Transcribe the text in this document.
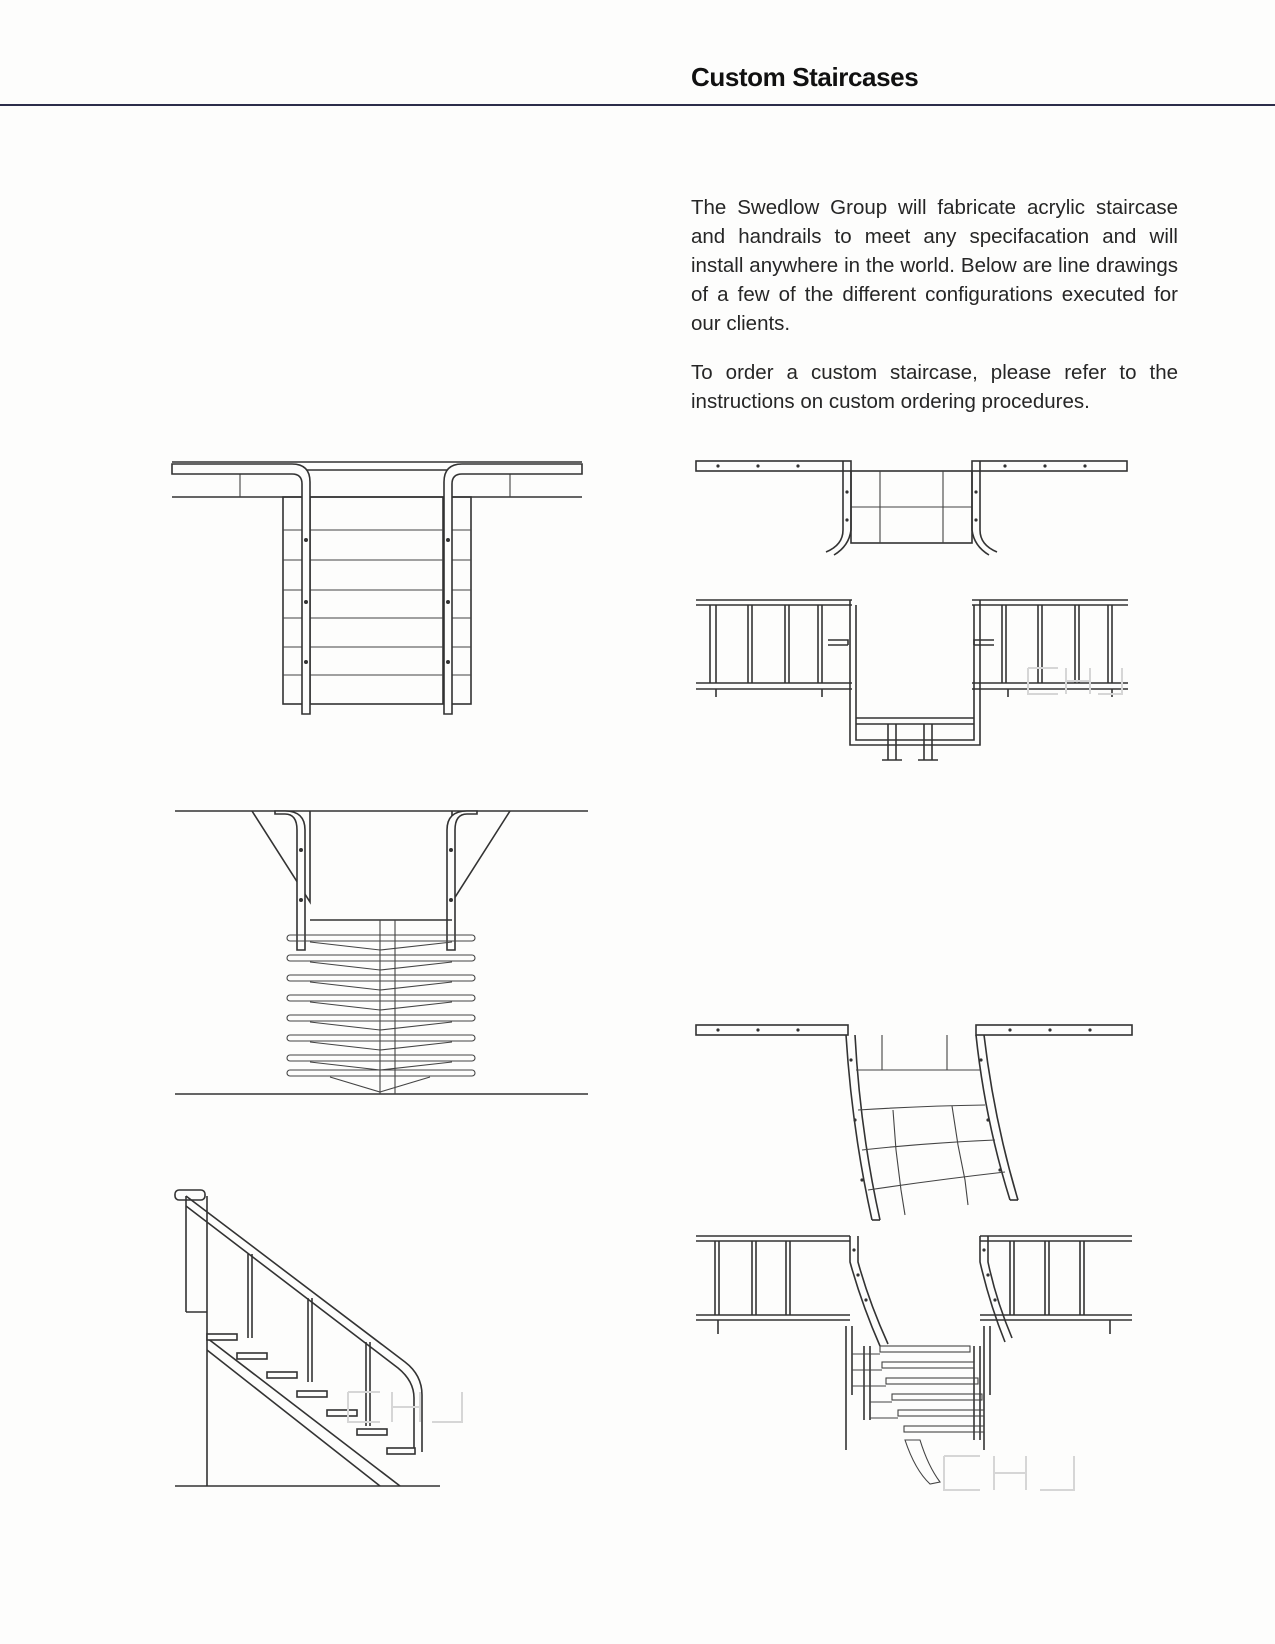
Custom Staircases

The Swedlow Group will fabricate acrylic staircase and handrails to meet any specifacation and will install anywhere in the world. Below are line drawings of a few of the different configurations executed for our clients.

To order a custom staircase, please refer to the instructions on custom ordering procedures.
